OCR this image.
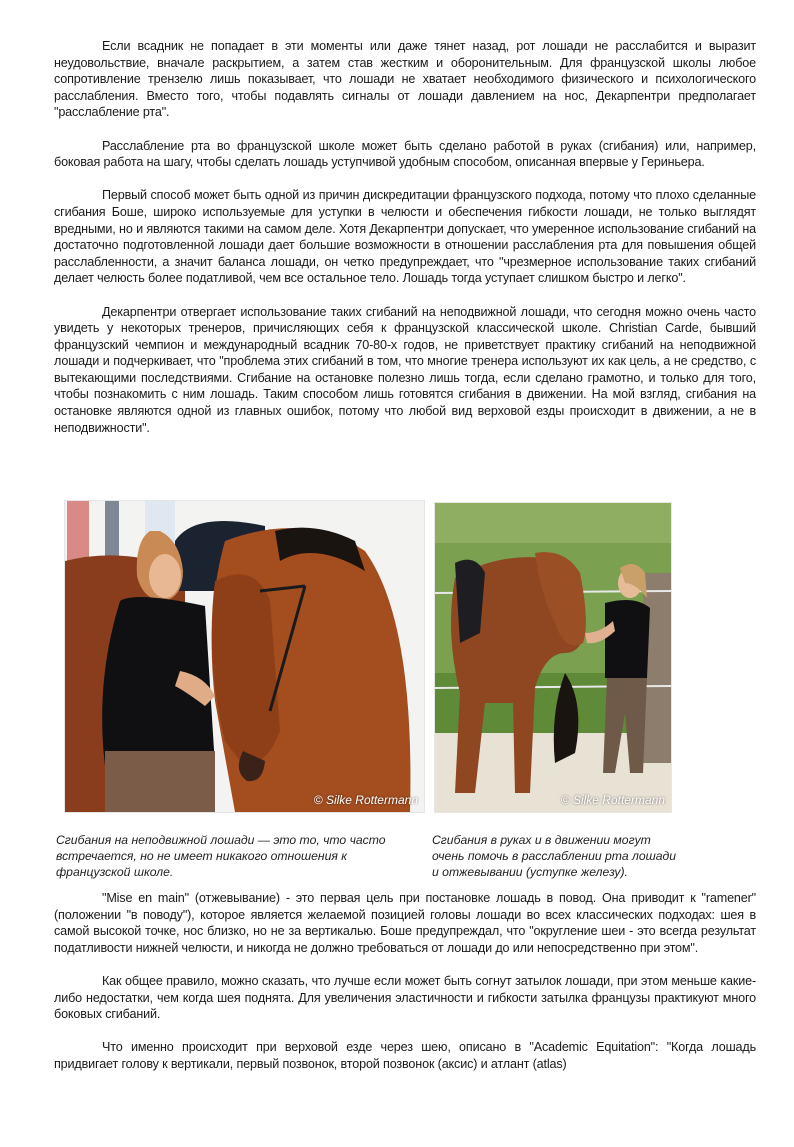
Если всадник не попадает в эти моменты или даже тянет назад, рот лошади не расслабится и выразит неудовольствие, вначале раскрытием, а затем став жестким и оборонительным. Для французской школы любое сопротивление трензелю лишь показывает, что лошади не хватает необходимого физического и психологического расслабления. Вместо того, чтобы подавлять сигналы от лошади давлением на нос, Декарпентри предполагает "расслабление рта".

Расслабление рта во французской школе может быть сделано работой в руках (сгибания) или, например, боковая работа на шагу, чтобы сделать лошадь уступчивой удобным способом, описанная впервые у Гериньера.

Первый способ может быть одной из причин дискредитации французского подхода, потому что плохо сделанные сгибания Боше, широко используемые для уступки в челюсти и обеспечения гибкости лошади, не только выглядят вредными, но и являются такими на самом деле. Хотя Декарпентри допускает, что умеренное использование сгибаний на достаточно подготовленной лошади дает большие возможности в отношении расслабления рта для повышения общей расслабленности, а значит баланса лошади, он четко предупреждает, что "чрезмерное использование таких сгибаний делает челюсть более податливой, чем все остальное тело. Лошадь тогда уступает слишком быстро и легко".

Декарпентри отвергает использование таких сгибаний на неподвижной лошади, что сегодня можно очень часто увидеть у некоторых тренеров, причисляющих себя к французской классической школе. Christian Carde, бывший французский чемпион и международный всадник 70-80-х годов, не приветствует практику сгибаний на неподвижной лошади и подчеркивает, что "проблема этих сгибаний в том, что многие тренера используют их как цель, а не средство, с вытекающими последствиями. Сгибание на остановке полезно лишь тогда, если сделано грамотно, и только для того, чтобы познакомить с ним лошадь. Таким способом лишь готовятся сгибания в движении. На мой взгляд, сгибания на остановке являются одной из главных ошибок, потому что любой вид верховой езды происходит в движении, а не в неподвижности".

© Silke Rottermann	© Silke Rottermann
Сгибания на неподвижной лошади — это то, что часто
встречается, но не имеет никакого отношения к
французской школе.
Сгибания в руках и в движении могут
очень помочь в расслаблении рта лошади
и отжевывании (уступке железу).

"Mise en main" (отжевывание) - это первая цель при постановке лошадь в повод. Она приводит к "ramener" (положении "в поводу"), которое является желаемой позицией головы лошади во всех классических подходах: шея в самой высокой точке, нос близко, но не за вертикалью. Боше предупреждал, что "округление шеи - это всегда результат податливости нижней челюсти, и никогда не должно требоваться от лошади до или непосредственно при этом".

Как общее правило, можно сказать, что лучше если может быть согнут затылок лошади, при этом меньше какие-либо недостатки, чем когда шея поднята. Для увеличения эластичности и гибкости затылка французы практикуют много боковых сгибаний.

Что именно происходит при верховой езде через шею, описано в "Academic Equitation": "Когда лошадь придвигает голову к вертикали, первый позвонок, второй позвонок (аксис) и атлант (atlas)
